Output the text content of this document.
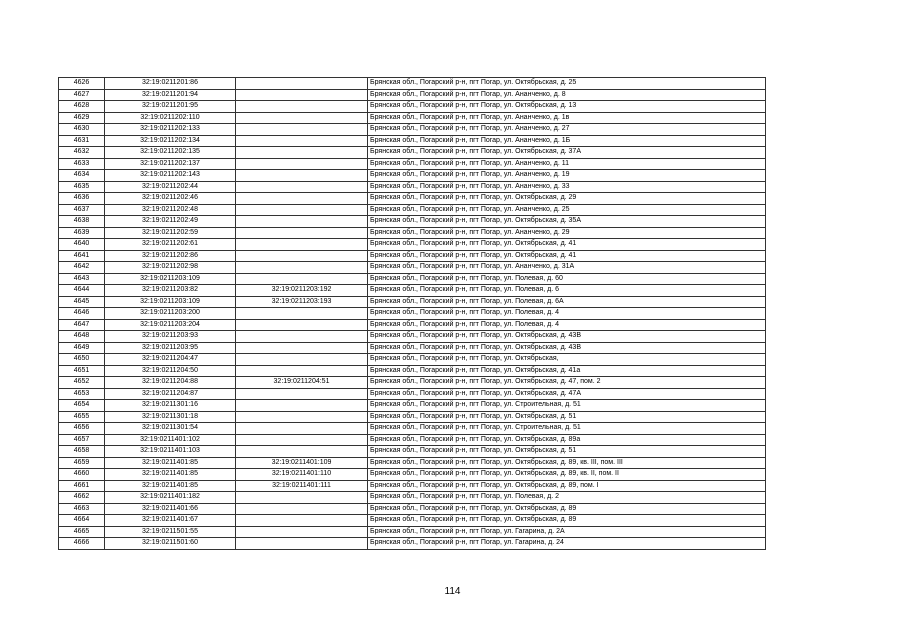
4626	32:19:0211201:86		Брянская обл., Погарский р-н, пгт Погар, ул. Октябрьская, д. 25
4627	32:19:0211201:94		Брянская обл., Погарский р-н, пгт Погар, ул. Ананченко, д. 8
4628	32:19:0211201:95		Брянская обл., Погарский р-н, пгт Погар, ул. Октябрьская, д. 13
4629	32:19:0211202:110		Брянская обл., Погарский р-н, пгт Погар, ул. Ананченко, д. 1в
4630	32:19:0211202:133		Брянская обл., Погарский р-н, пгт Погар, ул. Ананченко, д. 27
4631	32:19:0211202:134		Брянская обл., Погарский р-н, пгт Погар, ул. Ананченко, д. 1Б
4632	32:19:0211202:135		Брянская обл., Погарский р-н, пгт Погар, ул. Октябрьская, д. 37А
4633	32:19:0211202:137		Брянская обл., Погарский р-н, пгт Погар, ул. Ананченко, д. 11
4634	32:19:0211202:143		Брянская обл., Погарский р-н, пгт Погар, ул. Ананченко, д. 19
4635	32:19:0211202:44		Брянская обл., Погарский р-н, пгт Погар, ул. Ананченко, д. 33
4636	32:19:0211202:46		Брянская обл., Погарский р-н, пгт Погар, ул. Октябрьская, д. 29
4637	32:19:0211202:48		Брянская обл., Погарский р-н, пгт Погар, ул. Ананченко, д. 25
4638	32:19:0211202:49		Брянская обл., Погарский р-н, пгт Погар, ул. Октябрьская, д. 35А
4639	32:19:0211202:59		Брянская обл., Погарский р-н, пгт Погар, ул. Ананченко, д. 29
4640	32:19:0211202:61		Брянская обл., Погарский р-н, пгт Погар, ул. Октябрьская, д. 41
4641	32:19:0211202:86		Брянская обл., Погарский р-н, пгт Погар, ул. Октябрьская, д. 41
4642	32:19:0211202:98		Брянская обл., Погарский р-н, пгт Погар, ул. Ананченко, д. 31А
4643	32:19:0211203:109		Брянская обл., Погарский р-н, пгт Погар, ул. Полевая, д. 60
4644	32:19:0211203:82	32:19:0211203:192	Брянская обл., Погарский р-н, пгт Погар, ул. Полевая, д. 6
4645	32:19:0211203:109	32:19:0211203:193	Брянская обл., Погарский р-н, пгт Погар, ул. Полевая, д. 6А
4646	32:19:0211203:200		Брянская обл., Погарский р-н, пгт Погар, ул. Полевая, д. 4
4647	32:19:0211203:204		Брянская обл., Погарский р-н, пгт Погар, ул. Полевая, д. 4
4648	32:19:0211203:93		Брянская обл., Погарский р-н, пгт Погар, ул. Октябрьская, д. 43В
4649	32:19:0211203:95		Брянская обл., Погарский р-н, пгт Погар, ул. Октябрьская, д. 43В
4650	32:19:0211204:47		Брянская обл., Погарский р-н, пгт Погар, ул. Октябрьская,
4651	32:19:0211204:50		Брянская обл., Погарский р-н, пгт Погар, ул. Октябрьская, д. 41а
4652	32:19:0211204:88	32:19:0211204:51	Брянская обл., Погарский р-н, пгт Погар, ул. Октябрьская, д. 47, пом. 2
4653	32:19:0211204:87		Брянская обл., Погарский р-н, пгт Погар, ул. Октябрьская, д. 47А
4654	32:19:0211301:16		Брянская обл., Погарский р-н, пгт Погар, ул. Строительная, д. 51
4655	32:19:0211301:18		Брянская обл., Погарский р-н, пгт Погар, ул. Октябрьская, д. 51
4656	32:19:0211301:54		Брянская обл., Погарский р-н, пгт Погар, ул. Строительная, д. 51
4657	32:19:0211401:102		Брянская обл., Погарский р-н, пгт Погар, ул. Октябрьская, д. 89а
4658	32:19:0211401:103		Брянская обл., Погарский р-н, пгт Погар, ул. Октябрьская, д. 51
4659	32:19:0211401:85	32:19:0211401:109	Брянская обл., Погарский р-н, пгт Погар, ул. Октябрьская, д. 89, кв. III, пом. III
4660	32:19:0211401:85	32:19:0211401:110	Брянская обл., Погарский р-н, пгт Погар, ул. Октябрьская, д. 89, кв. II, пом. II
4661	32:19:0211401:85	32:19:0211401:111	Брянская обл., Погарский р-н, пгт Погар, ул. Октябрьская, д. 89, пом. I
4662	32:19:0211401:182		Брянская обл., Погарский р-н, пгт Погар, ул. Полевая, д. 2
4663	32:19:0211401:66		Брянская обл., Погарский р-н, пгт Погар, ул. Октябрьская, д. 89
4664	32:19:0211401:67		Брянская обл., Погарский р-н, пгт Погар, ул. Октябрьская, д. 89
4665	32:19:0211501:55		Брянская обл., Погарский р-н, пгт Погар, ул. Гагарина, д. 2А
4666	32:19:0211501:60		Брянская обл., Погарский р-н, пгт Погар, ул. Гагарина, д. 24
114
